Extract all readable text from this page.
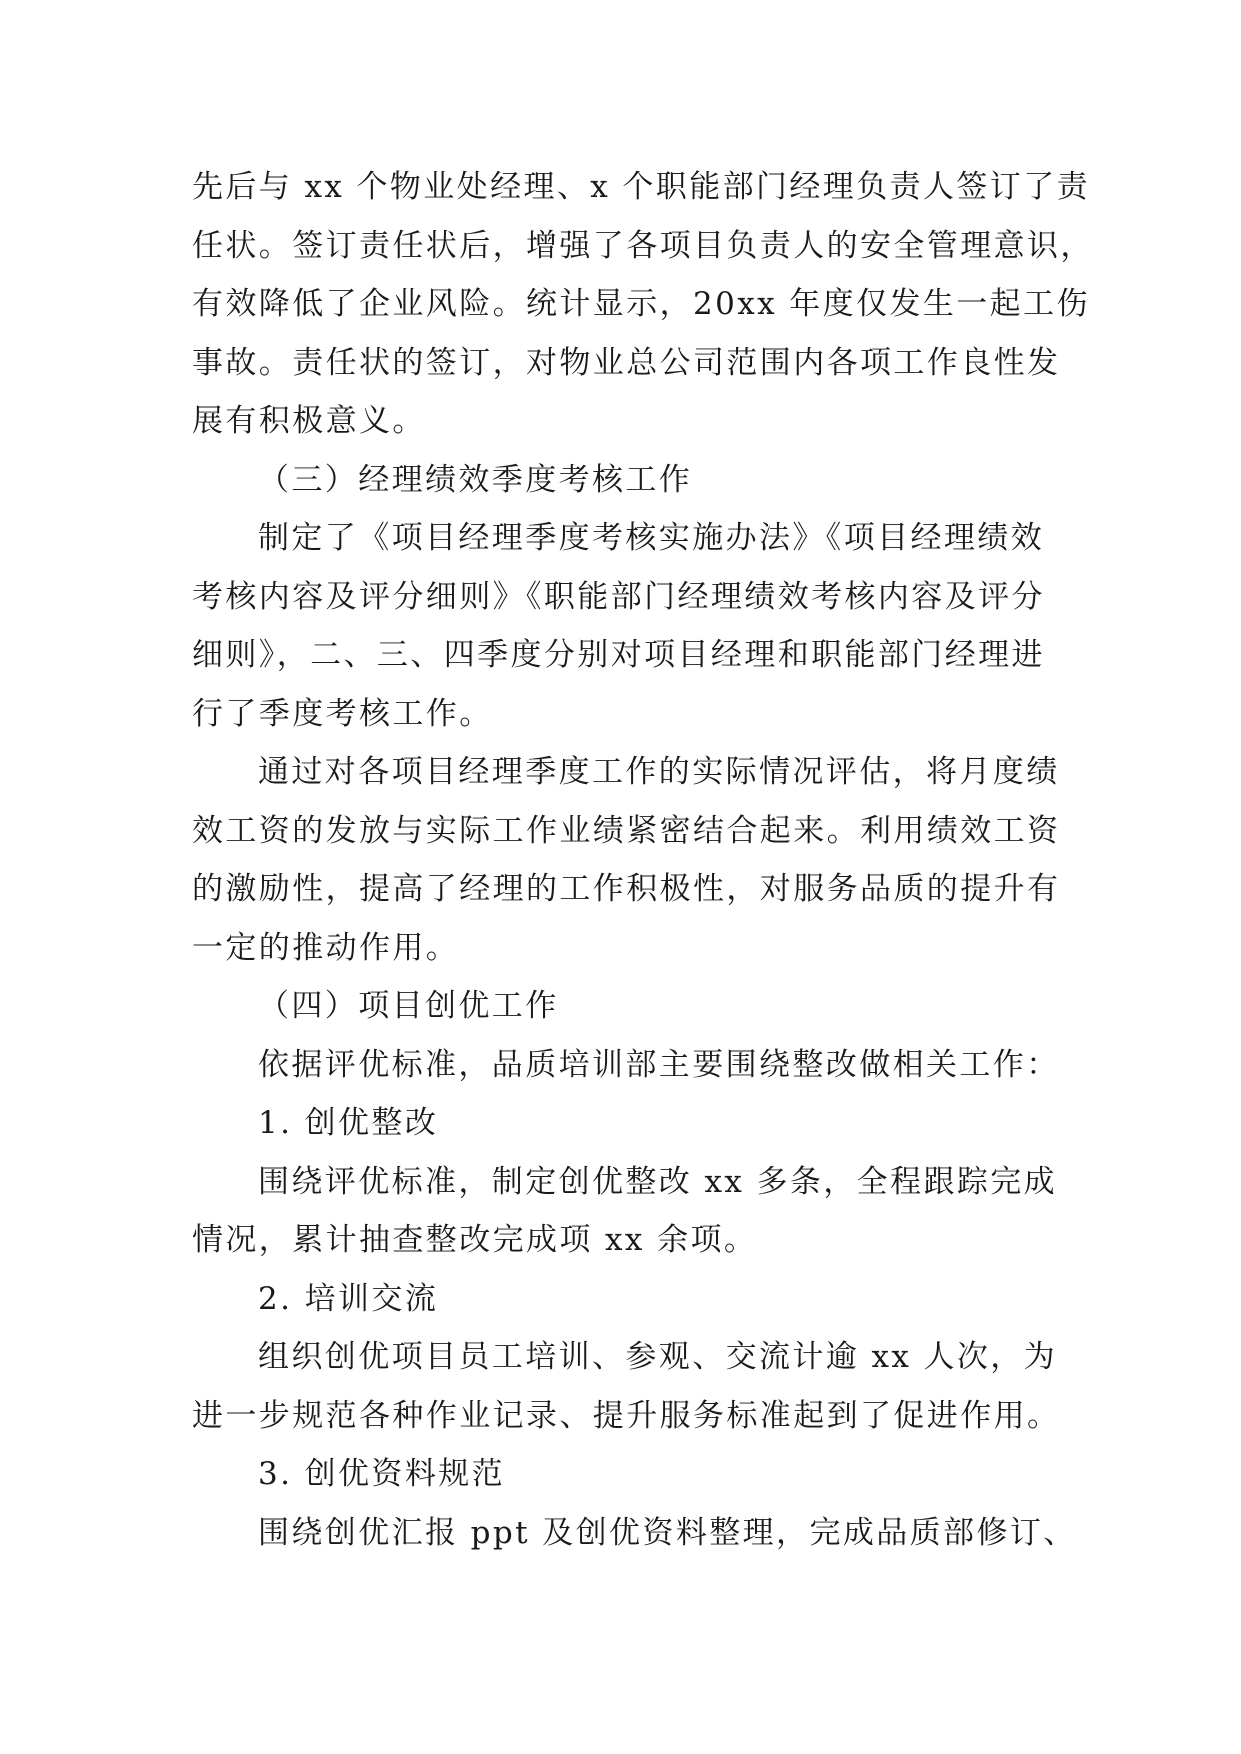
先后与 xx 个物业处经理、x 个职能部门经理负责人签订了责
任状。签订责任状后，增强了各项目负责人的安全管理意识，
有效降低了企业风险。统计显示，20xx 年度仅发生一起工伤
事故。责任状的签订，对物业总公司范围内各项工作良性发
展有积极意义。
（三）经理绩效季度考核工作
制定了《项目经理季度考核实施办法》《项目经理绩效
考核内容及评分细则》《职能部门经理绩效考核内容及评分
细则》，二、三、四季度分别对项目经理和职能部门经理进
行了季度考核工作。
通过对各项目经理季度工作的实际情况评估，将月度绩
效工资的发放与实际工作业绩紧密结合起来。利用绩效工资
的激励性，提高了经理的工作积极性，对服务品质的提升有
一定的推动作用。
（四）项目创优工作
依据评优标准，品质培训部主要围绕整改做相关工作：
1. 创优整改
围绕评优标准，制定创优整改 xx 多条，全程跟踪完成
情况，累计抽查整改完成项 xx 余项。
2. 培训交流
组织创优项目员工培训、参观、交流计逾 xx 人次，为
进一步规范各种作业记录、提升服务标准起到了促进作用。
3. 创优资料规范
围绕创优汇报 ppt 及创优资料整理，完成品质部修订、
